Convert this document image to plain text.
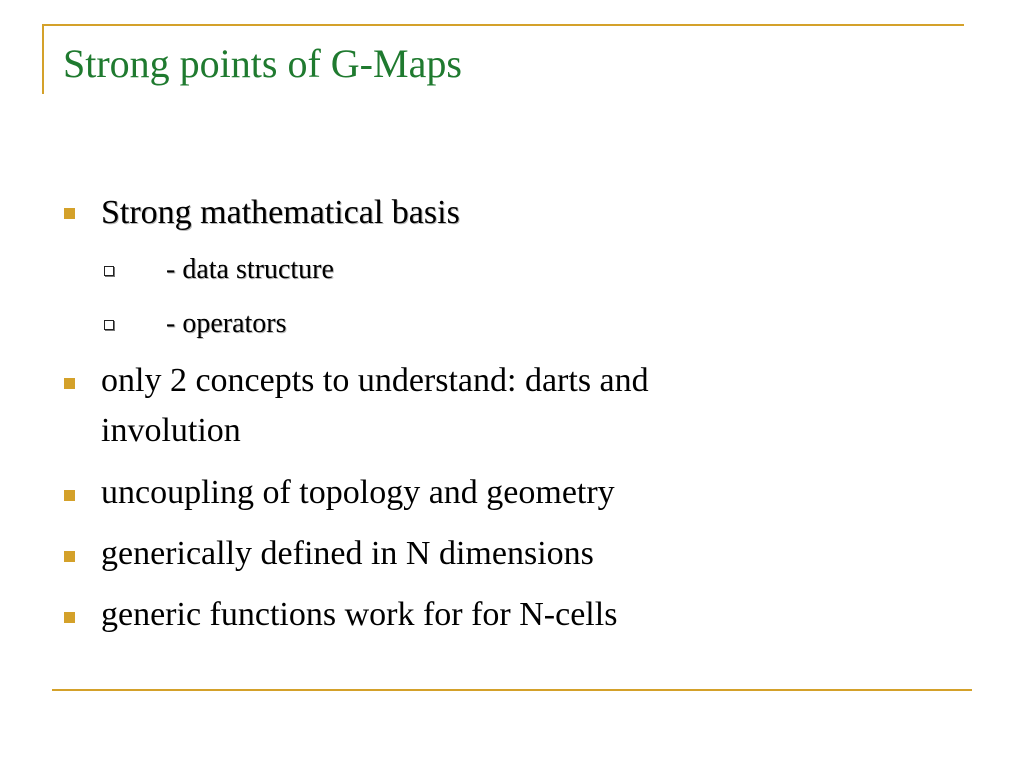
Strong points of G-Maps
Strong mathematical basis
- data structure
- operators
only 2 concepts to understand: darts and
involution
uncoupling of topology and geometry
generically defined in N dimensions
generic functions work for for N-cells
